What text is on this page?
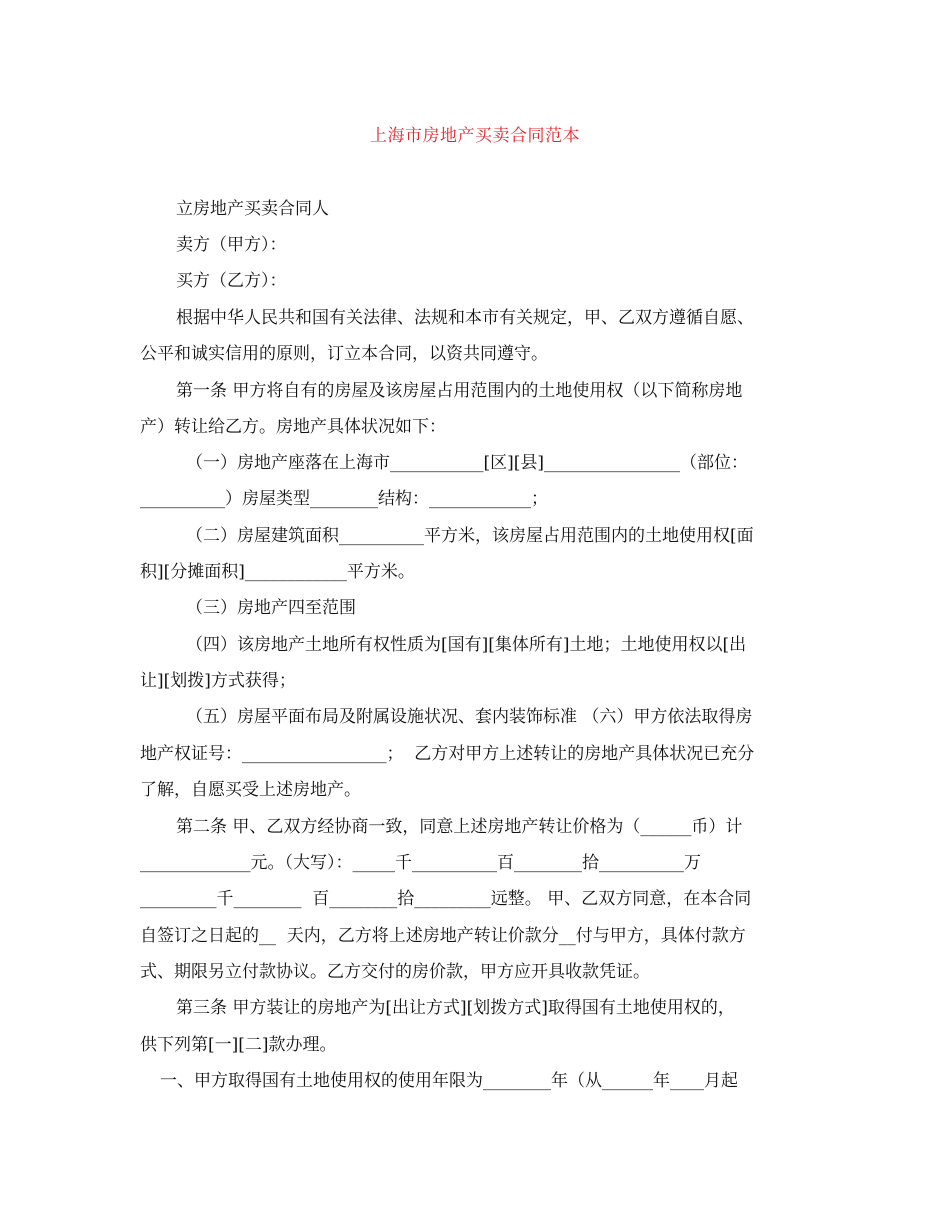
上海市房地产买卖合同范本
立房地产买卖合同人
卖方（甲方）：
买方（乙方）：
根据中华人民共和国有关法律、法规和本市有关规定，甲、乙双方遵循自愿、
公平和诚实信用的原则，订立本合同，以资共同遵守。
第一条 甲方将自有的房屋及该房屋占用范围内的土地使用权（以下简称房地
产）转让给乙方。房地产具体状况如下：
（一）房地产座落在上海市___________[区][县]________________（部位：
__________）房屋类型________结构：____________；
（二）房屋建筑面积__________平方米，该房屋占用范围内的土地使用权[面
积][分摊面积]____________平方米。
（三）房地产四至范围
（四）该房地产土地所有权性质为[国有][集体所有]土地；土地使用权以[出
让][划拨]方式获得；
（五）房屋平面布局及附属设施状况、套内装饰标准 （六）甲方依法取得房
地产权证号：_________________；  乙方对甲方上述转让的房地产具体状况已充分
了解，自愿买受上述房地产。
第二条 甲、乙双方经协商一致，同意上述房地产转让价格为（______币）计
_____________元。（大写）：_____千__________百________拾__________万
_________千________  百________拾_________远整。 甲、乙双方同意，在本合同
自签订之日起的__  天内，乙方将上述房地产转让价款分__付与甲方，具体付款方
式、期限另立付款协议。乙方交付的房价款，甲方应开具收款凭证。
第三条 甲方装让的房地产为[出让方式][划拨方式]取得国有土地使用权的，
供下列第[一][二]款办理。
一、甲方取得国有土地使用权的使用年限为________年（从______年____月起
